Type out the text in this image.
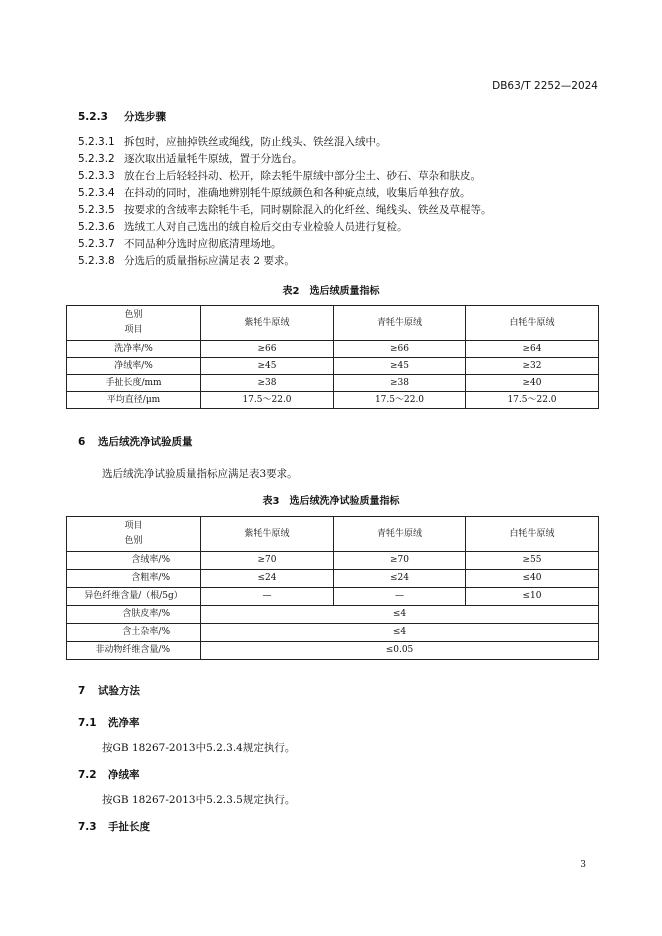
DB63/T 2252—2024
5.2.3 分选步骤
5.2.3.1 拆包时，应抽掉铁丝或绳线，防止线头、铁丝混入绒中。
5.2.3.2 逐次取出适量牦牛原绒，置于分选台。
5.2.3.3 放在台上后轻轻抖动、松开，除去牦牛原绒中部分尘土、砂石、草杂和肤皮。
5.2.3.4 在抖动的同时，准确地辨别牦牛原绒颜色和各种疵点绒，收集后单独存放。
5.2.3.5 按要求的含绒率去除牦牛毛，同时剔除混入的化纤丝、绳线头、铁丝及草棍等。
5.2.3.6 选绒工人对自己选出的绒自检后交由专业检验人员进行复检。
5.2.3.7 不同品种分选时应彻底清理场地。
5.2.3.8 分选后的质量指标应满足表 2 要求。
表2　选后绒质量指标
色别
项目	紫牦牛原绒	青牦牛原绒	白牦牛原绒
洗净率/%	≥66	≥66	≥64
净绒率/%	≥45	≥45	≥32
手扯长度/mm	≥38	≥38	≥40
平均直径/μm	17.5～22.0	17.5～22.0	17.5～22.0
6 选后绒洗净试验质量
选后绒洗净试验质量指标应满足表3要求。
表3　选后绒洗净试验质量指标
项目
色别	紫牦牛原绒	青牦牛原绒	白牦牛原绒
含绒率/%	≥70	≥70	≥55
含粗率/%	≤24	≤24	≤40
异色纤维含量/（根/5g）	—	—	≤10
含肤皮率/%	≤4		
含土杂率/%	≤4		
非动物纤维含量/%	≤0.05		
7 试验方法
7.1 洗净率
按GB 18267-2013中5.2.3.4规定执行。
7.2 净绒率
按GB 18267-2013中5.2.3.5规定执行。
7.3 手扯长度
3
